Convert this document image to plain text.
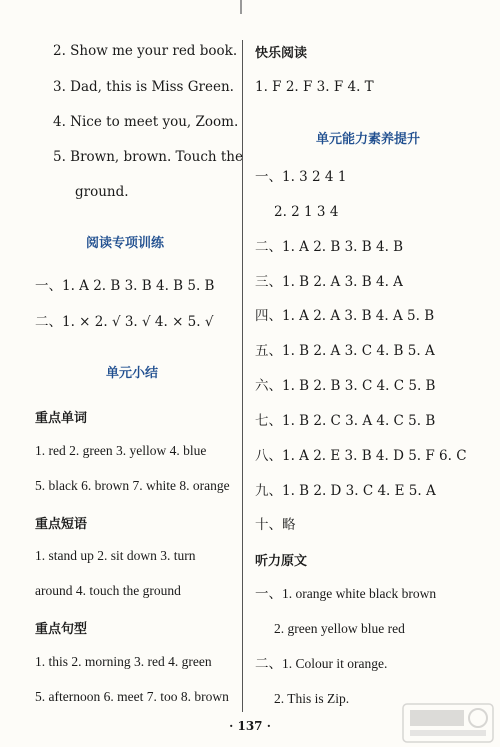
2. Show me your red book.
3. Dad, this is Miss Green.
4. Nice to meet you, Zoom.
5. Brown, brown. Touch the
ground.
阅读专项训练
一、1. A 2. B 3. B 4. B 5. B
二、1. × 2. √ 3. √ 4. × 5. √
单元小结
重点单词
1. red 2. green 3. yellow 4. blue
5. black 6. brown 7. white 8. orange
重点短语
1. stand up 2. sit down 3. turn
around 4. touch the ground
重点句型
1. this 2. morning 3. red 4. green
5. afternoon 6. meet 7. too 8. brown
快乐阅读
1. F 2. F 3. F 4. T
单元能力素养提升
一、1. 3 2 4 1
2. 2 1 3 4
二、1. A 2. B 3. B 4. B
三、1. B 2. A 3. B 4. A
四、1. A 2. A 3. B 4. A 5. B
五、1. B 2. A 3. C 4. B 5. A
六、1. B 2. B 3. C 4. C 5. B
七、1. B 2. C 3. A 4. C 5. B
八、1. A 2. E 3. B 4. D 5. F 6. C
九、1. B 2. D 3. C 4. E 5. A
十、略
听力原文
一、1. orange white black brown
2. green yellow blue red
二、1. Colour it orange.
2. This is Zip.
· 137 ·
